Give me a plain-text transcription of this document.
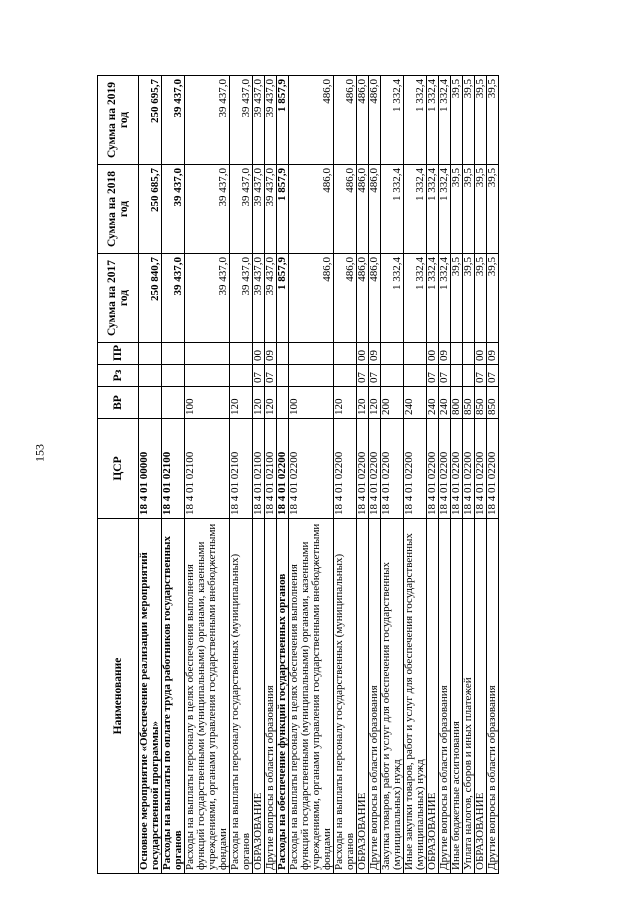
153
Наименование	ЦСР	ВР	Рз	ПР	Сумма на 2017 год	Сумма на 2018 год	Сумма на 2019 год
Основное мероприятие «Обеспечение реализации мероприятий государственной программы»	18 4 01 00000				250 840,7	250 685,7	250 695,7
Расходы на выплаты по оплате труда работников государственных органов	18 4 01 02100				39 437,0	39 437,0	39 437,0
Расходы на выплаты персоналу в целях обеспечения выполнения функций государственными (муниципальными) органами, казенными учреждениями, органами управления государственными внебюджетными фондами	18 4 01 02100	100			39 437,0	39 437,0	39 437,0
Расходы на выплаты персоналу государственных (муниципальных) органов	18 4 01 02100	120			39 437,0	39 437,0	39 437,0
ОБРАЗОВАНИЕ	18 4 01 02100	120	07	00	39 437,0	39 437,0	39 437,0
Другие вопросы в области образования	18 4 01 02100	120	07	09	39 437,0	39 437,0	39 437,0
Расходы на обеспечение функций государственных органов	18 4 01 02200				1 857,9	1 857,9	1 857,9
Расходы на выплаты персоналу в целях обеспечения выполнения функций государственными (муниципальными) органами, казенными учреждениями, органами управления государственными внебюджетными фондами	18 4 01 02200	100			486,0	486,0	486,0
Расходы на выплаты персоналу государственных (муниципальных) органов	18 4 01 02200	120			486,0	486,0	486,0
ОБРАЗОВАНИЕ	18 4 01 02200	120	07	00	486,0	486,0	486,0
Другие вопросы в области образования	18 4 01 02200	120	07	09	486,0	486,0	486,0
Закупка товаров, работ и услуг для обеспечения государственных (муниципальных) нужд	18 4 01 02200	200			1 332,4	1 332,4	1 332,4
Иные закупки товаров, работ и услуг для обеспечения государственных (муниципальных) нужд	18 4 01 02200	240			1 332,4	1 332,4	1 332,4
ОБРАЗОВАНИЕ	18 4 01 02200	240	07	00	1 332,4	1 332,4	1 332,4
Другие вопросы в области образования	18 4 01 02200	240	07	09	1 332,4	1 332,4	1 332,4
Иные бюджетные ассигнования	18 4 01 02200	800			39,5	39,5	39,5
Уплата налогов, сборов и иных платежей	18 4 01 02200	850			39,5	39,5	39,5
ОБРАЗОВАНИЕ	18 4 01 02200	850	07	00	39,5	39,5	39,5
Другие вопросы в области образования	18 4 01 02200	850	07	09	39,5	39,5	39,5
